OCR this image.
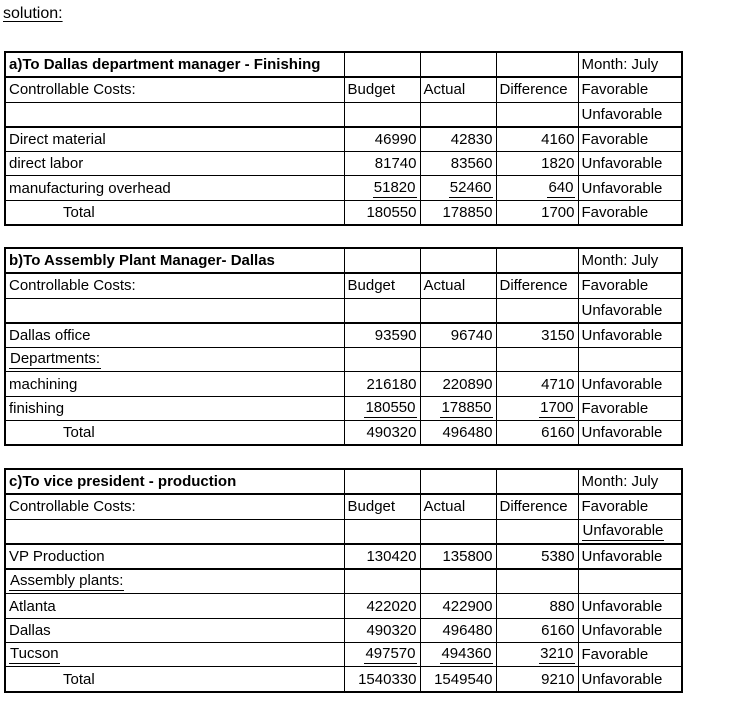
solution:
a)To Dallas department manager - Finishing				Month: July
Controllable Costs:	Budget	Actual	Difference	Favorable
				Unfavorable
Direct material	46990	42830	4160	Favorable
direct labor	81740	83560	1820	Unfavorable
manufacturing overhead	51820	52460	640	Unfavorable
Total	180550	178850	1700	Favorable
b)To Assembly Plant Manager- Dallas				Month: July
Controllable Costs:	Budget	Actual	Difference	Favorable
				Unfavorable
Dallas office	93590	96740	3150	Unfavorable
Departments:				
machining	216180	220890	4710	Unfavorable
finishing	180550	178850	1700	Favorable
Total	490320	496480	6160	Unfavorable
c)To vice president - production				Month: July
Controllable Costs:	Budget	Actual	Difference	Favorable
				Unfavorable
VP Production	130420	135800	5380	Unfavorable
Assembly plants:				
Atlanta	422020	422900	880	Unfavorable
Dallas	490320	496480	6160	Unfavorable
Tucson	497570	494360	3210	Favorable
Total	1540330	1549540	9210	Unfavorable
